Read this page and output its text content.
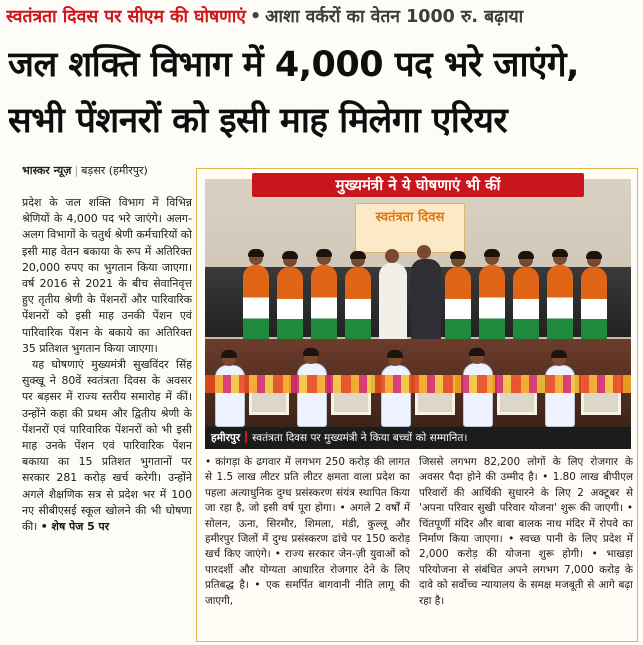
स्वतंत्रता दिवस पर सीएम की घोषणाएं • आशा वर्करों का वेतन 1000 रु. बढ़ाया
जल शक्ति विभाग में 4,000 पद भरे जाएंगे,
सभी पेंशनरों को इसी माह मिलेगा एरियर
भास्कर न्यूज़ | बड़सर (हमीरपुर)

प्रदेश के जल शक्ति विभाग में विभिन्न श्रेणियों के 4,000 पद भरे जाएंगे। अलग-अलग विभागों के चतुर्थ श्रेणी कर्मचारियों को इसी माह वेतन बकाया के रूप में अतिरिक्त 20,000 रुपए का भुगतान किया जाएगा। वर्ष 2016 से 2021 के बीच सेवानिवृत्त हुए तृतीय श्रेणी के पेंशनरों और पारिवारिक पेंशनरों को इसी माह उनकी पेंशन एवं पारिवारिक पेंशन के बकाये का अतिरिक्त 35 प्रतिशत भुगतान किया जाएगा।

यह घोषणाएं मुख्यमंत्री सुखविंदर सिंह सुक्खू ने 80वें स्वतंत्रता दिवस के अवसर पर बड़सर में राज्य स्तरीय समारोह में कीं। उन्होंने कहा की प्रथम और द्वितीय श्रेणी के पेंशनरों एवं पारिवारिक पेंशनरों को भी इसी माह उनके पेंशन एवं पारिवारिक पेंशन बकाया का 15 प्रतिशत भुगतानों पर सरकार 281 करोड़ खर्च करेगी। उन्होंने अगले शैक्षणिक सत्र से प्रदेश भर में 100 नए सीबीएसई स्कूल खोलने की भी घोषणा की। • शेष पेज 5 पर

स्वतंत्रता दिवस
मुख्यमंत्री ने ये घोषणाएं भी कीं
हमीरपुर स्वतंत्रता दिवस पर मुख्यमंत्री ने किया बच्चों को सम्मानित।
• कांगड़ा के ढगवार में लगभग 250 करोड़ की लागत से 1.5 लाख लीटर प्रति लीटर क्षमता वाला प्रदेश का पहला अत्याधुनिक दुग्ध प्रसंस्करण संयंत्र स्थापित किया जा रहा है, जो इसी वर्ष पूरा होगा। • अगले 2 वर्षों में सोलन, ऊना, सिरमौर, शिमला, मंडी, कुल्लू और हमीरपुर जिलों में दुग्ध प्रसंस्करण ढांचे पर 150 करोड़ खर्च किए जाएंगे। • राज्य सरकार जेन-ज़ी युवाओं को पारदर्शी और योग्यता आधारित रोजगार देने के लिए प्रतिबद्ध है। • एक समर्पित बागवानी नीति लागू की जाएगी,
जिससे लगभग 82,200 लोगों के लिए रोजगार के अवसर पैदा होने की उम्मीद है। • 1.80 लाख बीपीएल परिवारों की आर्थिकी सुधारने के लिए 2 अक्टूबर से 'अपना परिवार सुखी परिवार योजना' शुरू की जाएगी। • चिंतपूर्णी मंदिर और बाबा बालक नाथ मंदिर में रोपवे का निर्माण किया जाएगा। • स्वच्छ पानी के लिए प्रदेश में 2,000 करोड़ की योजना शुरू होगी। • भाखड़ा परियोजना से संबंधित अपने लगभग 7,000 करोड़ के दावे को सर्वोच्च न्यायालय के समक्ष मजबूती से आगे बढ़ा रहा है।
